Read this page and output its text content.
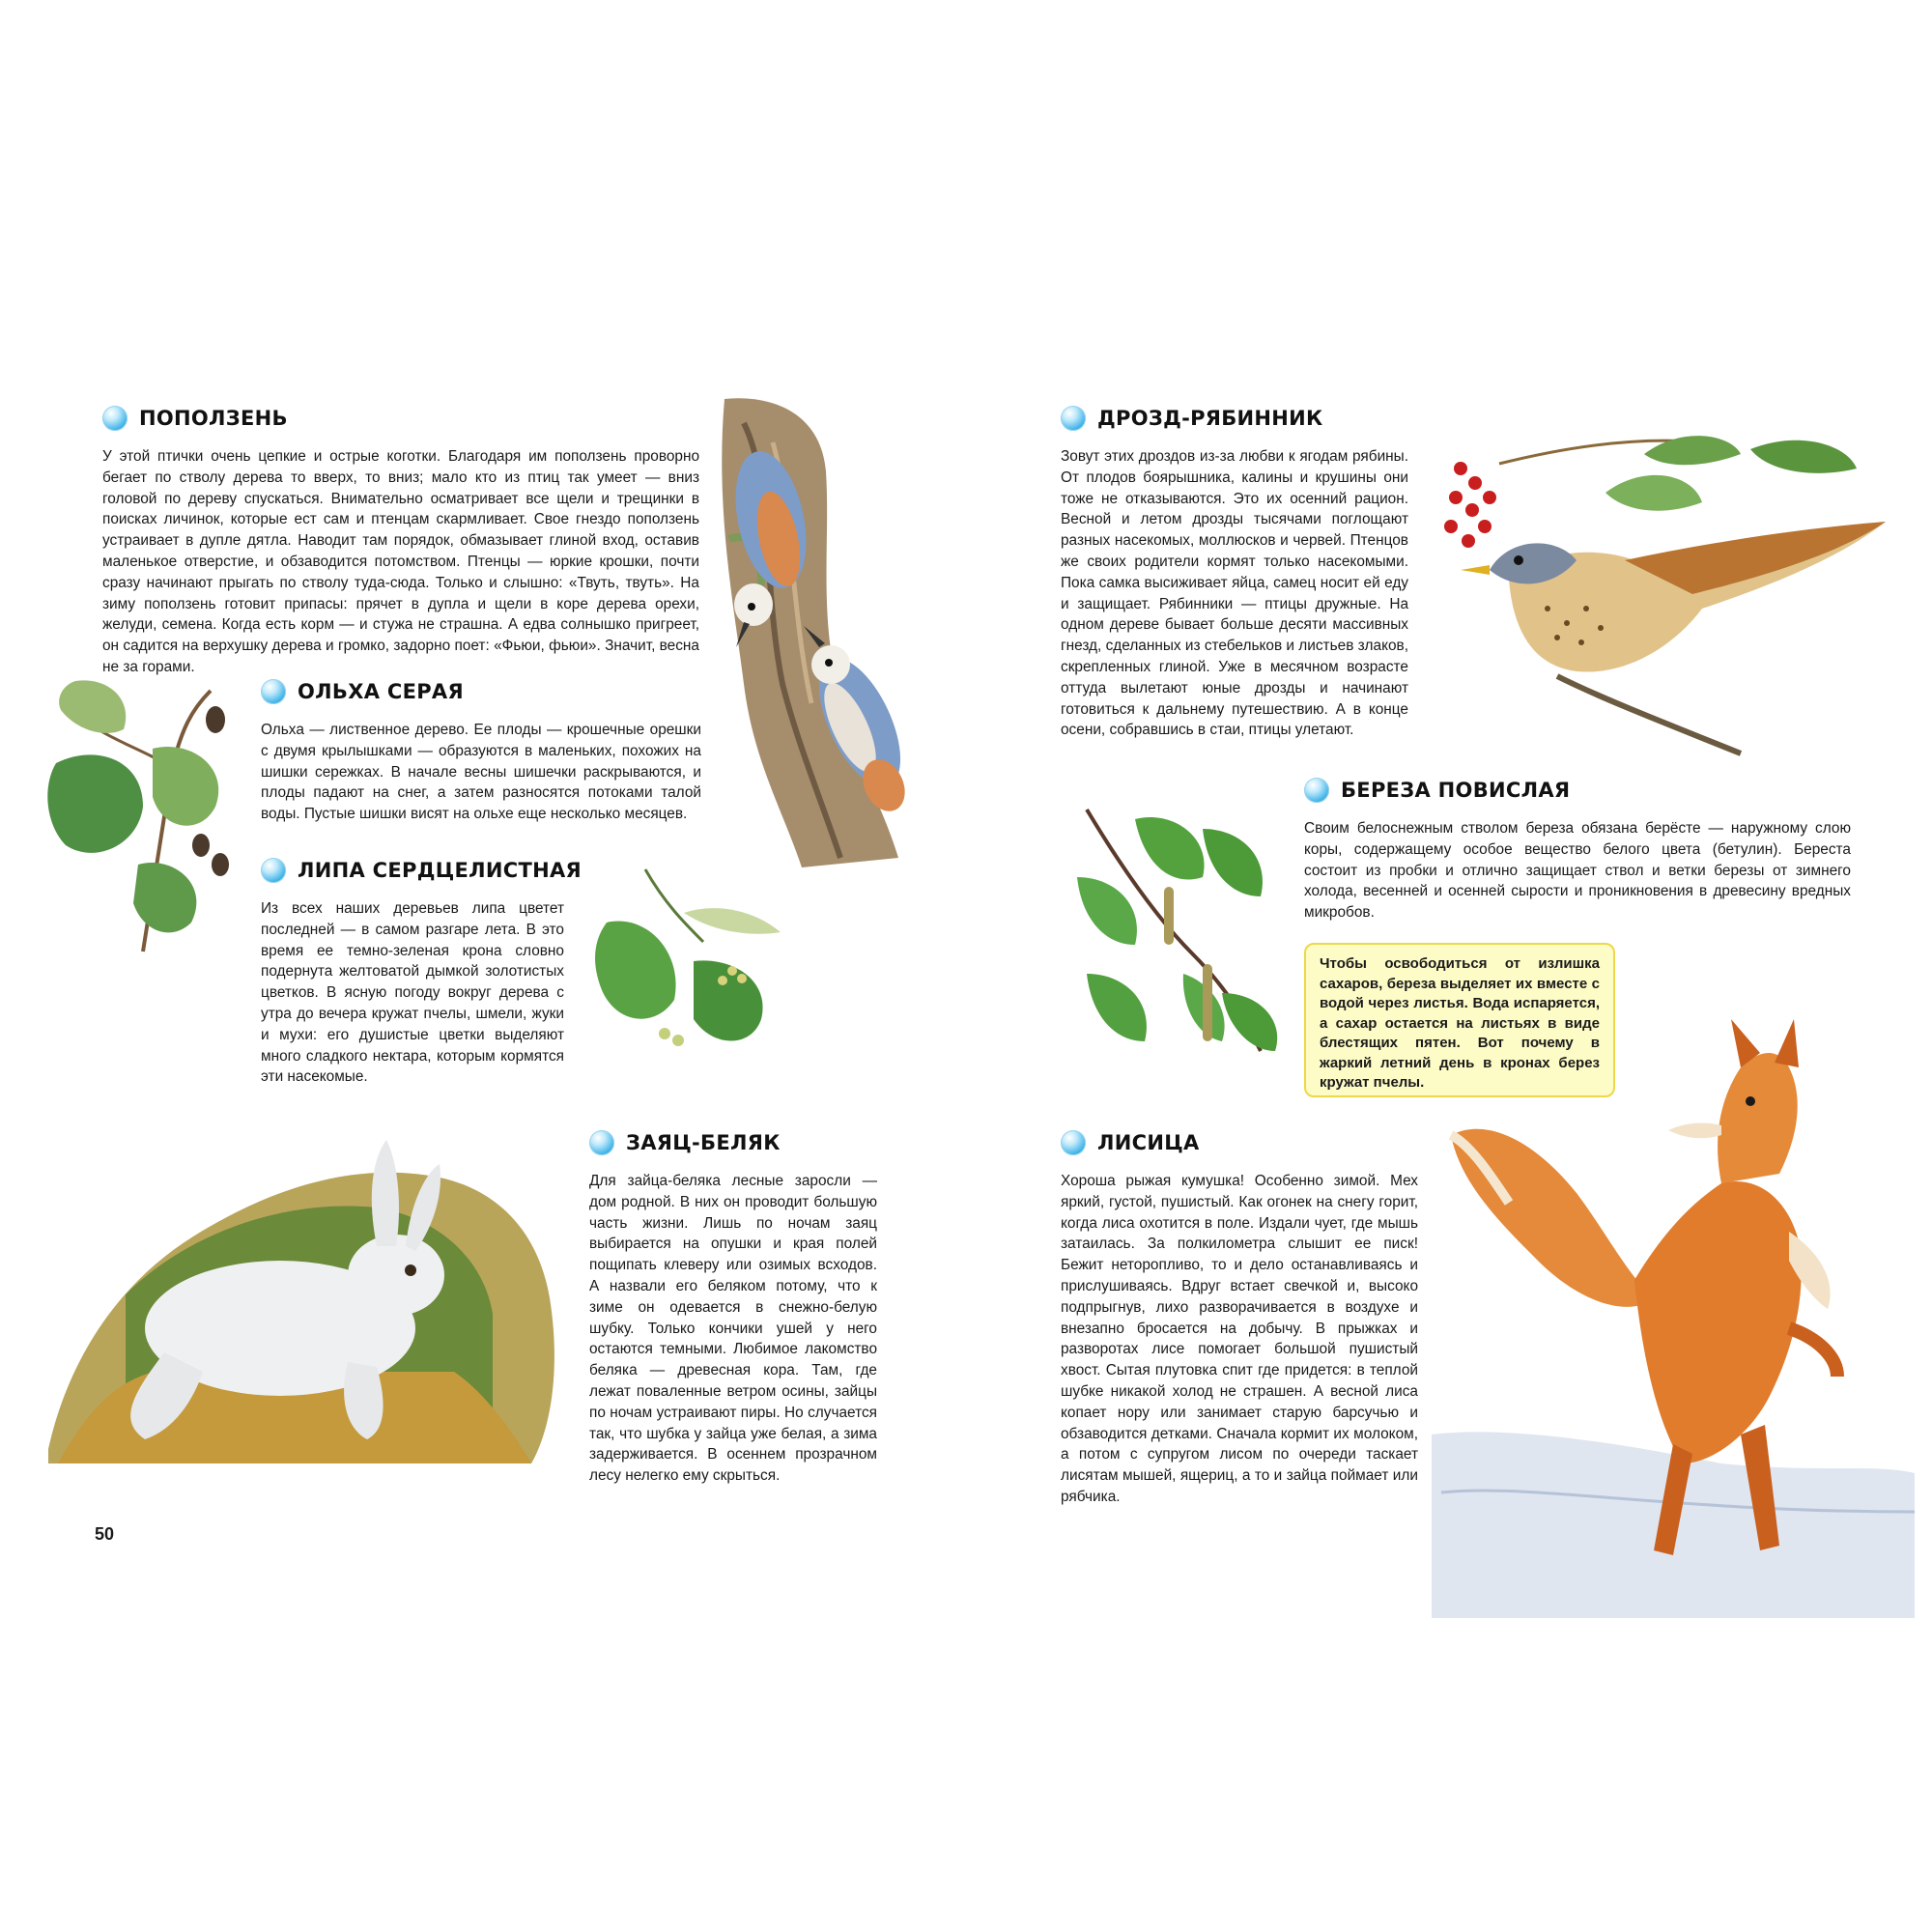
ПОПОЛЗЕНЬ

У этой птички очень цепкие и острые коготки. Благодаря им поползень проворно бегает по стволу дерева то вверх, то вниз; мало кто из птиц так умеет — вниз головой по дереву спускаться. Внимательно осматривает все щели и трещинки в поисках личинок, которые ест сам и птенцам скармливает. Свое гнездо поползень устраивает в дупле дятла. Наводит там порядок, обмазывает глиной вход, оставив маленькое отверстие, и обзаводится потомством. Птенцы — юркие крошки, почти сразу начинают прыгать по стволу туда-сюда. Только и слышно: «Твуть, твуть». На зиму поползень готовит припасы: прячет в дупла и щели в коре дерева орехи, желуди, семена. Когда есть корм — и стужа не страшна. А едва солнышко пригреет, он садится на верхушку дерева и громко, задорно поет: «Фьюи, фьюи». Значит, весна не за горами.

ОЛЬХА СЕРАЯ

Ольха — лиственное дерево. Ее плоды — крошечные орешки с двумя крылышками — образуются в маленьких, похожих на шишки сережках. В начале весны шишечки раскрываются, и плоды падают на снег, а затем разносятся потоками талой воды. Пустые шишки висят на ольхе еще несколько месяцев.

ЛИПА СЕРДЦЕЛИСТНАЯ

Из всех наших деревьев липа цветет последней — в самом разгаре лета. В это время ее темно-зеленая крона словно подернута желтоватой дымкой золотистых цветков. В ясную погоду вокруг дерева с утра до вечера кружат пчелы, шмели, жуки и мухи: его душистые цветки выделяют много сладкого нектара, которым кормятся эти насекомые.

ЗАЯЦ-БЕЛЯК

Для зайца-беляка лесные заросли — дом родной. В них он проводит большую часть жизни. Лишь по ночам заяц выбирается на опушки и края полей пощипать клеверу или озимых всходов. А назвали его беляком потому, что к зиме он одевается в снежно-белую шубку. Только кончики ушей у него остаются темными. Любимое лакомство беляка — древесная кора. Там, где лежат поваленные ветром осины, зайцы по ночам устраивают пиры. Но случается так, что шубка у зайца уже белая, а зима задерживается. В осеннем прозрачном лесу нелегко ему скрыться.

50
ДРОЗД-РЯБИННИК

Зовут этих дроздов из-за любви к ягодам рябины. От плодов боярышника, калины и крушины они тоже не отказываются. Это их осенний рацион. Весной и летом дрозды тысячами поглощают разных насекомых, моллюсков и червей. Птенцов же своих родители кормят только насекомыми. Пока самка высиживает яйца, самец носит ей еду и защищает. Рябинники — птицы дружные. На одном дереве бывает больше десяти массивных гнезд, сделанных из стебельков и листьев злаков, скрепленных глиной. Уже в месячном возрасте оттуда вылетают юные дрозды и начинают готовиться к дальнему путешествию. А в конце осени, собравшись в стаи, птицы улетают.

БЕРЕЗА ПОВИСЛАЯ

Своим белоснежным стволом береза обязана берёсте — наружному слою коры, содержащему особое вещество белого цвета (бетулин). Береста состоит из пробки и отлично защищает ствол и ветки березы от зимнего холода, весенней и осенней сырости и проникновения в древесину вредных микробов.

Чтобы освободиться от излишка сахаров, береза выделяет их вместе с водой через листья. Вода испаряется, а сахар остается на листьях в виде блестящих пятен. Вот почему в жаркий летний день в кронах берез кружат пчелы.
ЛИСИЦА

Хороша рыжая кумушка! Особенно зимой. Мех яркий, густой, пушистый. Как огонек на снегу горит, когда лиса охотится в поле. Издали чует, где мышь затаилась. За полкилометра слышит ее писк! Бежит неторопливо, то и дело останавливаясь и прислушиваясь. Вдруг встает свечкой и, высоко подпрыгнув, лихо разворачивается в воздухе и внезапно бросается на добычу. В прыжках и разворотах лисе помогает большой пушистый хвост. Сытая плутовка спит где придется: в теплой шубке никакой холод не страшен. А весной лиса копает нору или занимает старую барсучью и обзаводится детками. Сначала кормит их молоком, а потом с супругом лисом по очереди таскает лисятам мышей, ящериц, а то и зайца поймает или рябчика.
